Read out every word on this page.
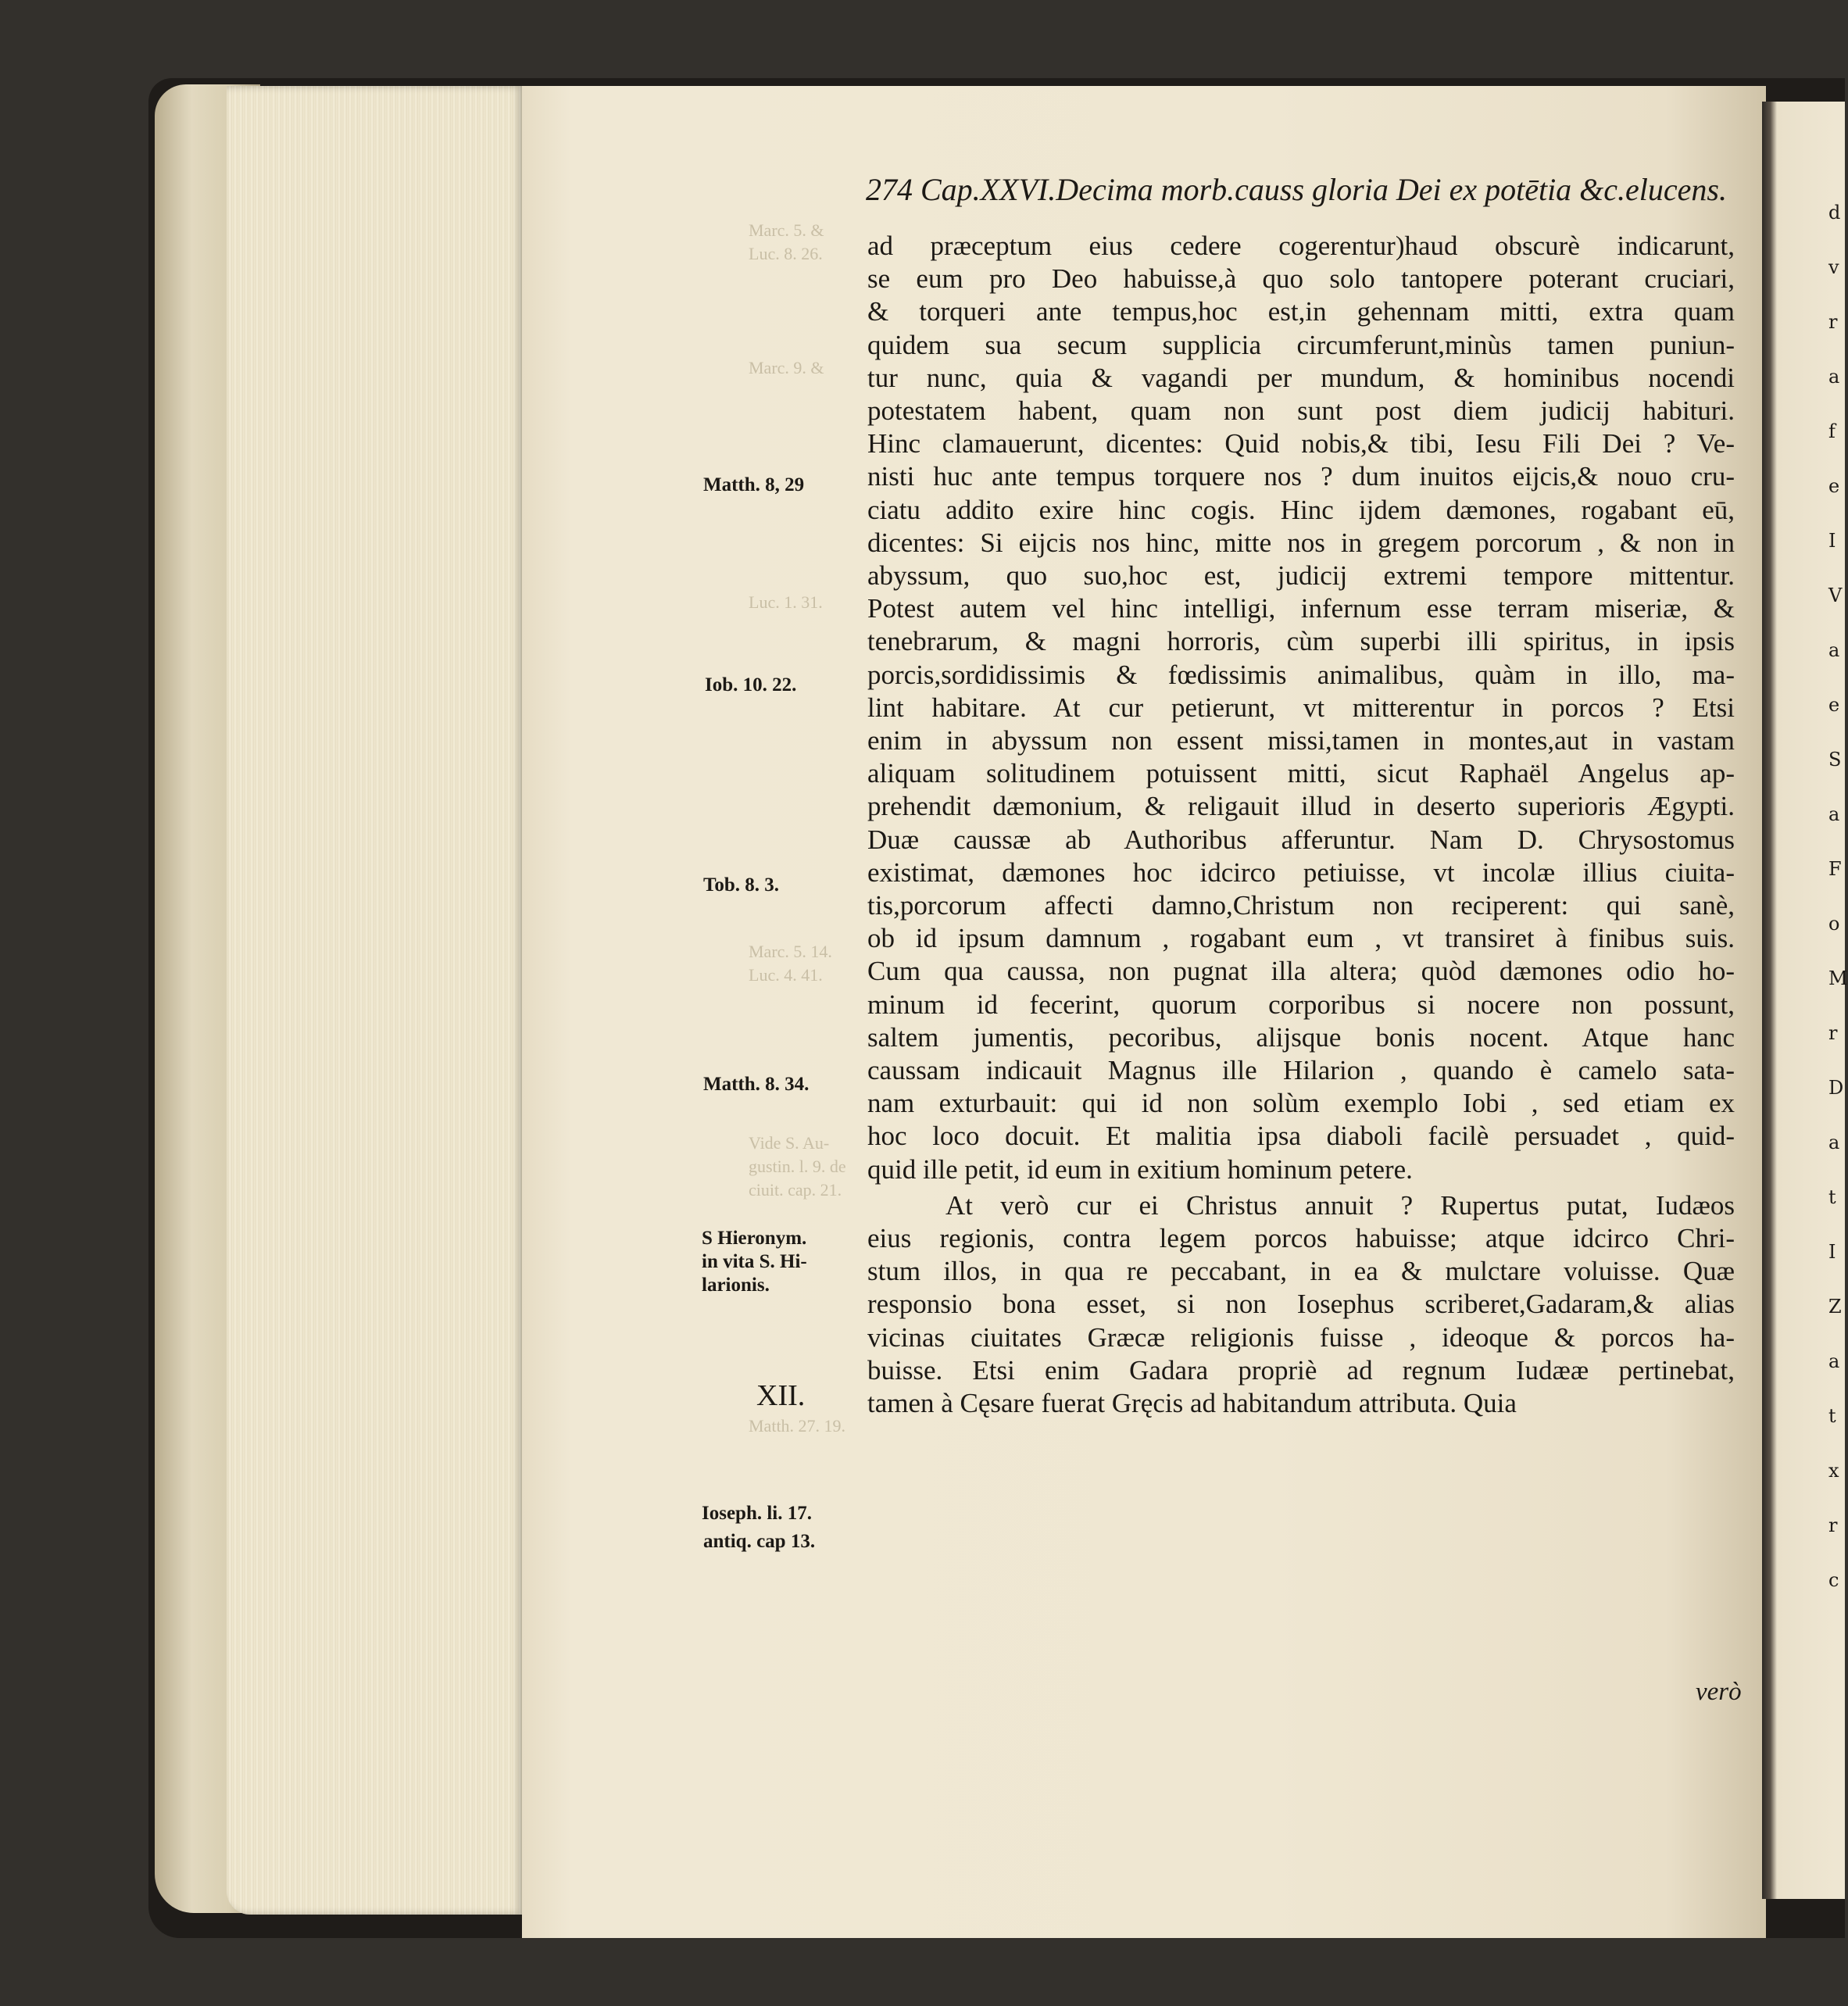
d
v
r
a
f
e
I
V
a
e
S
a
F
o
M
r
D
a
t
I
Z
a
t
x
r
c
274 Cap.XXVI.Decima morb.causs gloria Dei ex potētia &c.elucens.
ad præceptum eius cedere cogerentur)haud obscurè indicarunt,
se eum pro Deo habuisse,à quo solo tantopere poterant cruciari,
& torqueri ante tempus,hoc est,in gehennam mitti, extra quam
quidem sua secum supplicia circumferunt,minùs tamen puniun-
tur nunc, quia & vagandi per mundum, & hominibus nocendi
potestatem habent, quam non sunt post diem judicij habituri.
Hinc clamauerunt, dicentes: Quid nobis,& tibi, Iesu Fili Dei ? Ve-
nisti huc ante tempus torquere nos ? dum inuitos eijcis,& nouo cru-
ciatu addito exire hinc cogis. Hinc ijdem dæmones, rogabant eū,
dicentes: Si eijcis nos hinc, mitte nos in gregem porcorum , & non in
abyssum, quo suo,hoc est, judicij extremi tempore mittentur.
Potest autem vel hinc intelligi, infernum esse terram miseriæ, &
tenebrarum, & magni horroris, cùm superbi illi spiritus, in ipsis
porcis,sordidissimis & fœdissimis animalibus, quàm in illo, ma-
lint habitare. At cur petierunt, vt mitterentur in porcos ? Etsi
enim in abyssum non essent missi,tamen in montes,aut in vastam
aliquam solitudinem potuissent mitti, sicut Raphaël Angelus ap-
prehendit dæmonium, & religauit illud in deserto superioris Ægypti.
Duæ caussæ ab Authoribus afferuntur. Nam D. Chrysostomus
existimat, dæmones hoc idcirco petiuisse, vt incolæ illius ciuita-
tis,porcorum affecti damno,Christum non reciperent: qui sanè,
ob id ipsum damnum , rogabant eum , vt transiret à finibus suis.
Cum qua caussa, non pugnat illa altera; quòd dæmones odio ho-
minum id fecerint, quorum corporibus si nocere non possunt,
saltem jumentis, pecoribus, alijsque bonis nocent. Atque hanc
caussam indicauit Magnus ille Hilarion , quando è camelo sata-
nam exturbauit: qui id non solùm exemplo Iobi , sed etiam ex
hoc loco docuit. Et malitia ipsa diaboli facilè persuadet , quid-
quid ille petit, id eum in exitium hominum petere.
At verò cur ei Christus annuit ? Rupertus putat, Iudæos
eius regionis, contra legem porcos habuisse; atque idcirco Chri-
stum illos, in qua re peccabant, in ea & mulctare voluisse. Quæ
responsio bona esset, si non Iosephus scriberet,Gadaram,& alias
vicinas ciuitates Græcæ religionis fuisse , ideoque & porcos ha-
buisse. Etsi enim Gadara propriè ad regnum Iudææ pertinebat,
tamen à Cęsare fuerat Gręcis ad habitandum attributa. Quia
XII.
verò
Matth. 8, 29
Iob. 10. 22.
Tob. 8. 3.
Matth. 8. 34.
S Hieronym.
in vita S. Hi-
larionis.
Ioseph. li. 17.
antiq. cap 13.
Marc. 5. &
Luc. 8. 26.
Marc. 9. &
Luc. 1. 31.
Marc. 5. 14.
Luc. 4. 41.
Vide S. Au-
gustin. l. 9. de
ciuit. cap. 21.
Matth. 27. 19.
